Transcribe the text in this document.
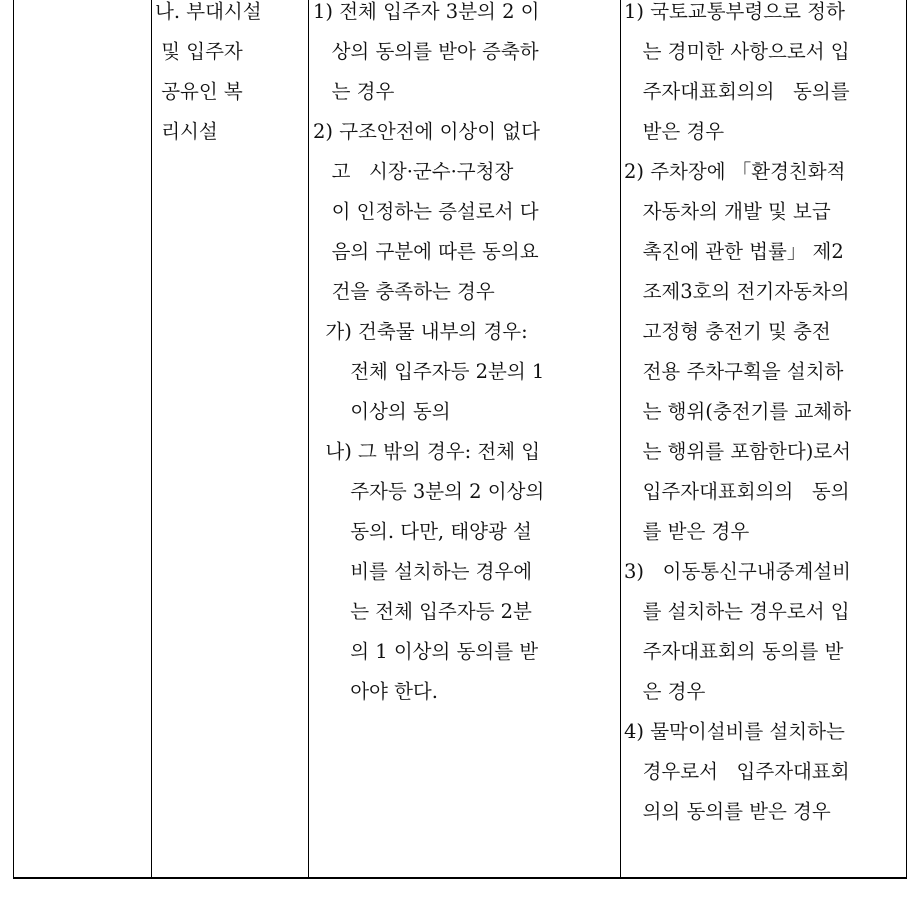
나. 부대시설
및 입주자
공유인 복
리시설
1) 전체 입주자 3분의 2 이
상의 동의를 받아 증축하
는 경우
2) 구조안전에 이상이 없다
고   시장·군수·구청장
이 인정하는 증설로서 다
음의 구분에 따른 동의요
건을 충족하는 경우
가) 건축물 내부의 경우:
전체 입주자등 2분의 1
이상의 동의
나) 그 밖의 경우: 전체 입
주자등 3분의 2 이상의
동의. 다만, 태양광 설
비를 설치하는 경우에
는 전체 입주자등 2분
의 1 이상의 동의를 받
아야 한다.
1) 국토교통부령으로 정하
는 경미한 사항으로서 입
주자대표회의의   동의를
받은 경우
2) 주차장에 「환경친화적
자동차의 개발 및 보급
촉진에 관한 법률」 제2
조제3호의 전기자동차의
고정형 충전기 및 충전
전용 주차구획을 설치하
는 행위(충전기를 교체하
는 행위를 포함한다)로서
입주자대표회의의   동의
를 받은 경우
3)   이동통신구내중계설비
를 설치하는 경우로서 입
주자대표회의 동의를 받
은 경우
4) 물막이설비를 설치하는
경우로서   입주자대표회
의의 동의를 받은 경우
